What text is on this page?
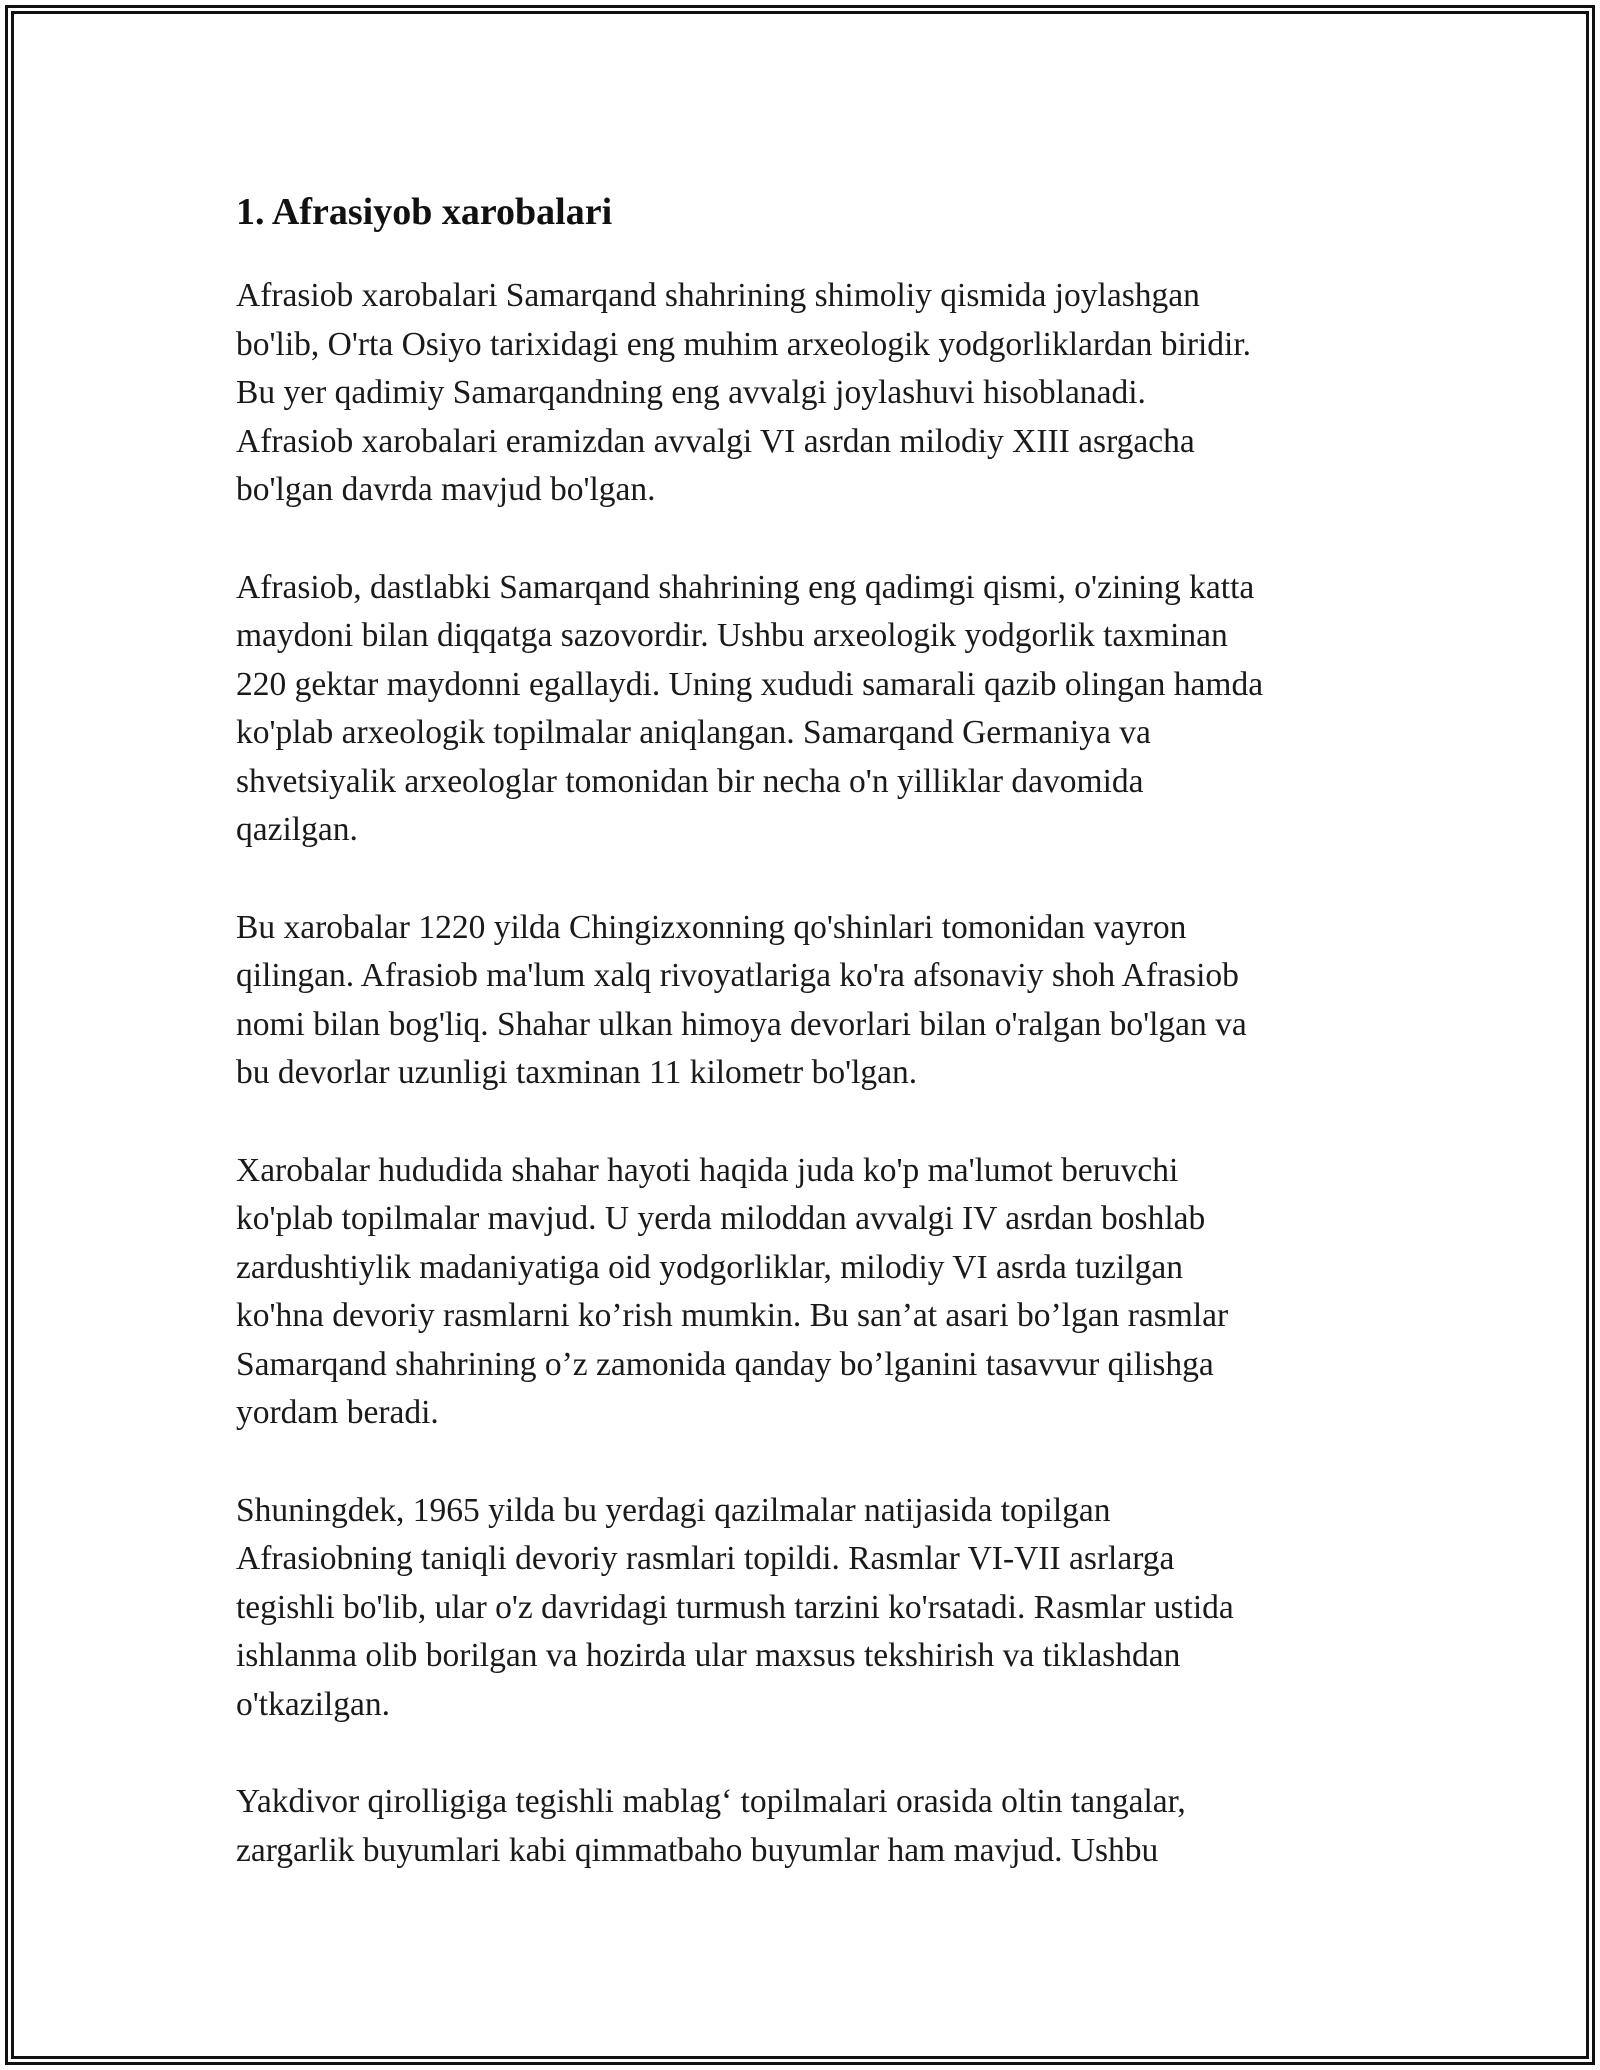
1. Afrasiyob xarobalari

Afrasiob xarobalari Samarqand shahrining shimoliy qismida joylashgan
bo'lib, O'rta Osiyo tarixidagi eng muhim arxeologik yodgorliklardan biridir.
Bu yer qadimiy Samarqandning eng avvalgi joylashuvi hisoblanadi.
Afrasiob xarobalari eramizdan avvalgi VI asrdan milodiy XIII asrgacha
bo'lgan davrda mavjud bo'lgan.

Afrasiob, dastlabki Samarqand shahrining eng qadimgi qismi, o'zining katta
maydoni bilan diqqatga sazovordir. Ushbu arxeologik yodgorlik taxminan
220 gektar maydonni egallaydi. Uning xududi samarali qazib olingan hamda
ko'plab arxeologik topilmalar aniqlangan. Samarqand Germaniya va
shvetsiyalik arxeologlar tomonidan bir necha o'n yilliklar davomida
qazilgan.

Bu xarobalar 1220 yilda Chingizxonning qo'shinlari tomonidan vayron
qilingan. Afrasiob ma'lum xalq rivoyatlariga ko'ra afsonaviy shoh Afrasiob
nomi bilan bog'liq. Shahar ulkan himoya devorlari bilan o'ralgan bo'lgan va
bu devorlar uzunligi taxminan 11 kilometr bo'lgan.

Xarobalar hududida shahar hayoti haqida juda ko'p ma'lumot beruvchi
ko'plab topilmalar mavjud. U yerda miloddan avvalgi IV asrdan boshlab
zardushtiylik madaniyatiga oid yodgorliklar, milodiy VI asrda tuzilgan
ko'hna devoriy rasmlarni ko’rish mumkin. Bu san’at asari bo’lgan rasmlar
Samarqand shahrining o’z zamonida qanday bo’lganini tasavvur qilishga
yordam beradi.

Shuningdek, 1965 yilda bu yerdagi qazilmalar natijasida topilgan
Afrasiobning taniqli devoriy rasmlari topildi. Rasmlar VI-VII asrlarga
tegishli bo'lib, ular o'z davridagi turmush tarzini ko'rsatadi. Rasmlar ustida
ishlanma olib borilgan va hozirda ular maxsus tekshirish va tiklashdan
o'tkazilgan.

Yakdivor qirolligiga tegishli mablag‘ topilmalari orasida oltin tangalar,
zargarlik buyumlari kabi qimmatbaho buyumlar ham mavjud. Ushbu
